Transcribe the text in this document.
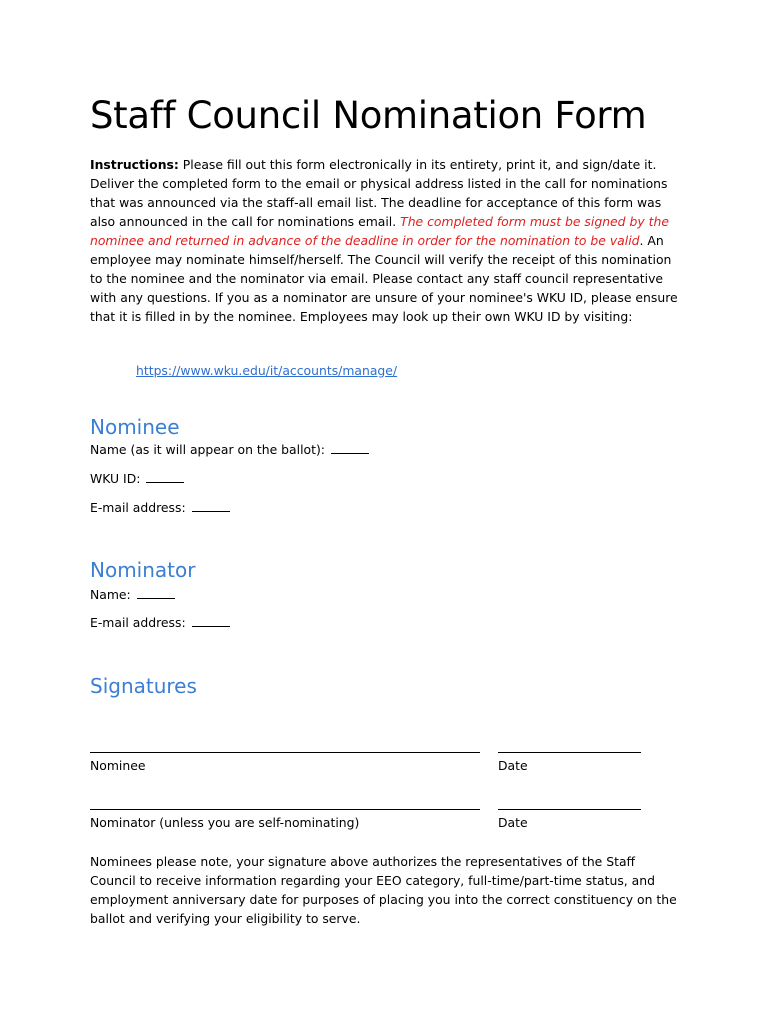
Staff Council Nomination Form

Instructions: Please fill out this form electronically in its entirety, print it, and sign/date it. Deliver the completed form to the email or physical address listed in the call for nominations that was announced via the staff-all email list. The deadline for acceptance of this form was also announced in the call for nominations email. The completed form must be signed by the nominee and returned in advance of the deadline in order for the nomination to be valid. An employee may nominate himself/herself. The Council will verify the receipt of this nomination to the nominee and the nominator via email. Please contact any staff council representative with any questions. If you as a nominator are unsure of your nominee's WKU ID, please ensure that it is filled in by the nominee. Employees may look up their own WKU ID by visiting:

https://www.wku.edu/it/accounts/manage/
Nominee
Name (as it will appear on the ballot):
WKU ID:
E-mail address:
Nominator
Name:
E-mail address:
Signatures
Nominee	Date
Nominator (unless you are self-nominating)	Date

Nominees please note, your signature above authorizes the representatives of the Staff Council to receive information regarding your EEO category, full-time/part-time status, and employment anniversary date for purposes of placing you into the correct constituency on the ballot and verifying your eligibility to serve.
